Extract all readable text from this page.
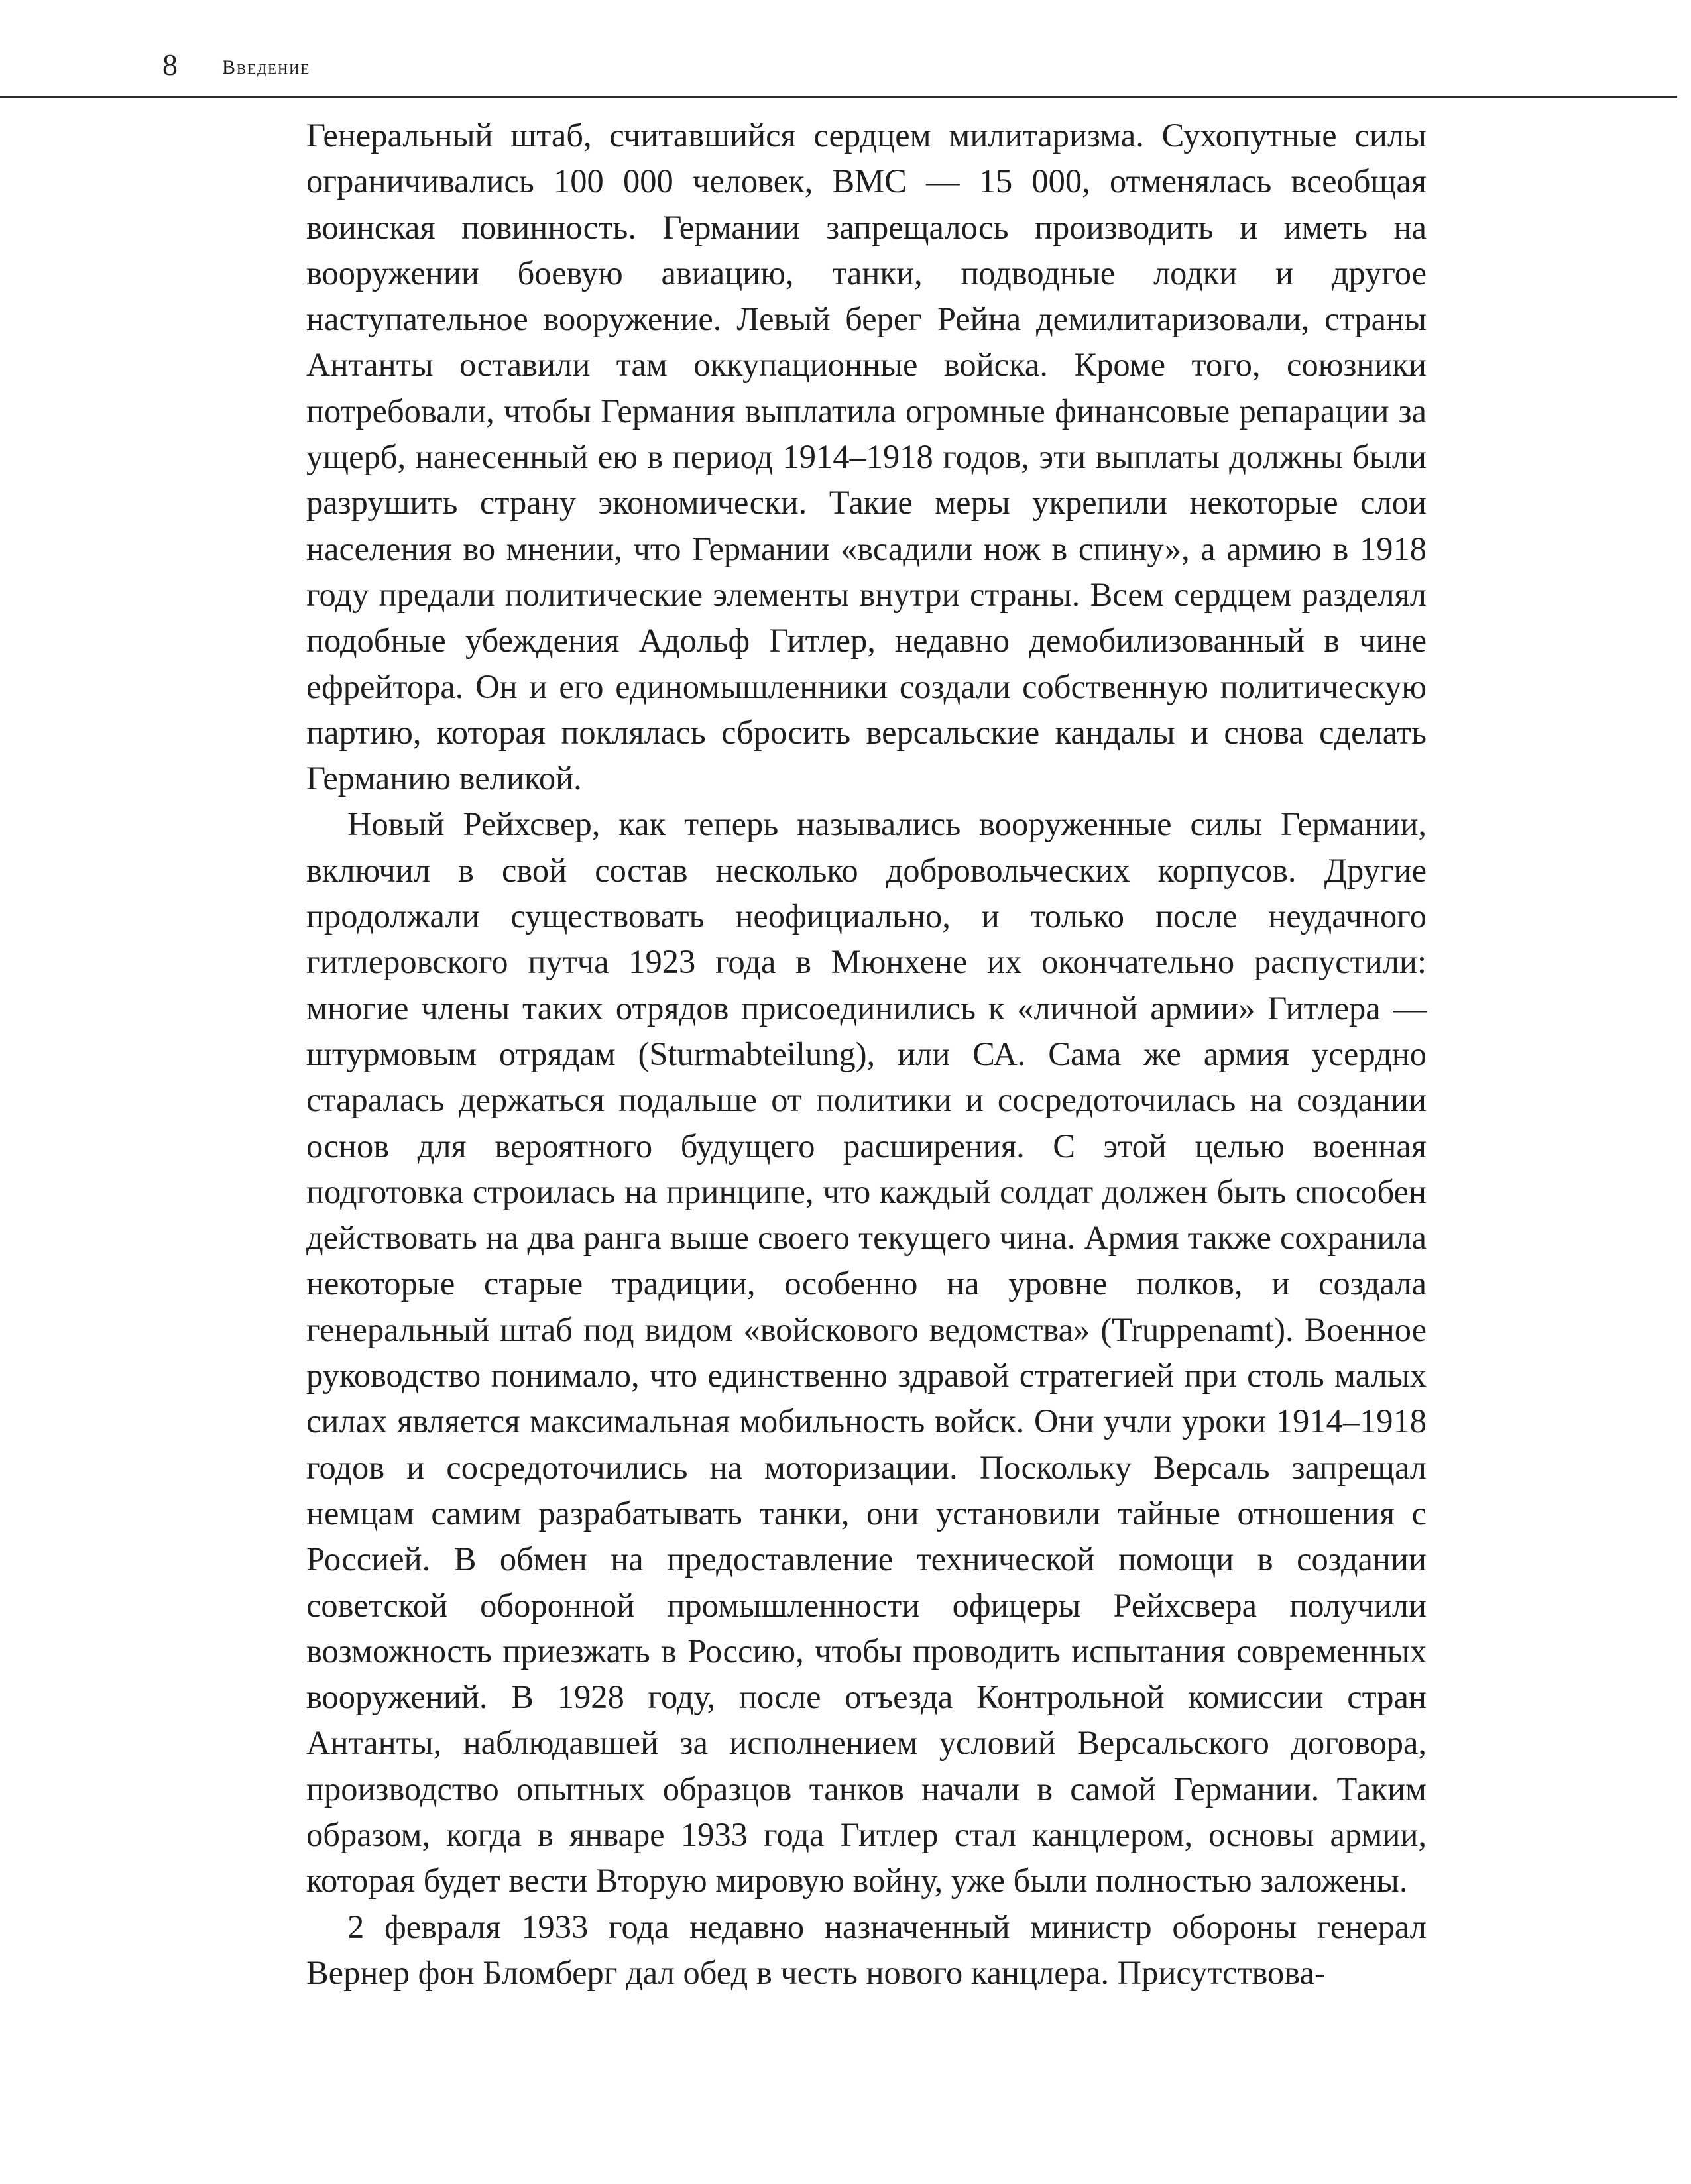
8 Введение

Генеральный штаб, считавшийся сердцем милитаризма. Сухопутные силы ограничивались 100 000 человек, ВМС — 15 000, отменялась всеобщая воинская повинность. Германии запрещалось производить и иметь на вооружении боевую авиацию, танки, подводные лодки и другое наступательное вооружение. Левый берег Рейна демилитаризовали, страны Антанты оставили там оккупационные войска. Кроме того, союзники потребовали, чтобы Германия выплатила огромные финансовые репарации за ущерб, нанесенный ею в период 1914–1918 годов, эти выплаты должны были разрушить страну экономически. Такие меры укрепили некоторые слои населения во мнении, что Германии «всадили нож в спину», а армию в 1918 году предали политические элементы внутри страны. Всем сердцем разделял подобные убеждения Адольф Гитлер, недавно демобилизованный в чине ефрейтора. Он и его единомышленники создали собственную политическую партию, которая поклялась сбросить версальские кандалы и снова сделать Германию великой.

Новый Рейхсвер, как теперь назывались вооруженные силы Германии, включил в свой состав несколько добровольческих корпусов. Другие продолжали существовать неофициально, и только после неудачного гитлеровского путча 1923 года в Мюнхене их окончательно распустили: многие члены таких отрядов присоединились к «личной армии» Гитлера — штурмовым отрядам (Sturmabteilung), или СА. Сама же армия усердно старалась держаться подальше от политики и сосредоточилась на создании основ для вероятного будущего расширения. С этой целью военная подготовка строилась на принципе, что каждый солдат должен быть способен действовать на два ранга выше своего текущего чина. Армия также сохранила некоторые старые традиции, особенно на уровне полков, и создала генеральный штаб под видом «войскового ведомства» (Truppenamt). Военное руководство понимало, что единственно здравой стратегией при столь малых силах является максимальная мобильность войск. Они учли уроки 1914–1918 годов и сосредоточились на моторизации. Поскольку Версаль запрещал немцам самим разрабатывать танки, они установили тайные отношения с Россией. В обмен на предоставление технической помощи в создании советской оборонной промышленности офицеры Рейхсвера получили возможность приезжать в Россию, чтобы проводить испытания современных вооружений. В 1928 году, после отъезда Контрольной комиссии стран Антанты, наблюдавшей за исполнением условий Версальского договора, производство опытных образцов танков начали в самой Германии. Таким образом, когда в январе 1933 года Гитлер стал канцлером, основы армии, которая будет вести Вторую мировую войну, уже были полностью заложены.

2 февраля 1933 года недавно назначенный министр обороны генерал Вернер фон Бломберг дал обед в честь нового канцлера. Присутствова-
